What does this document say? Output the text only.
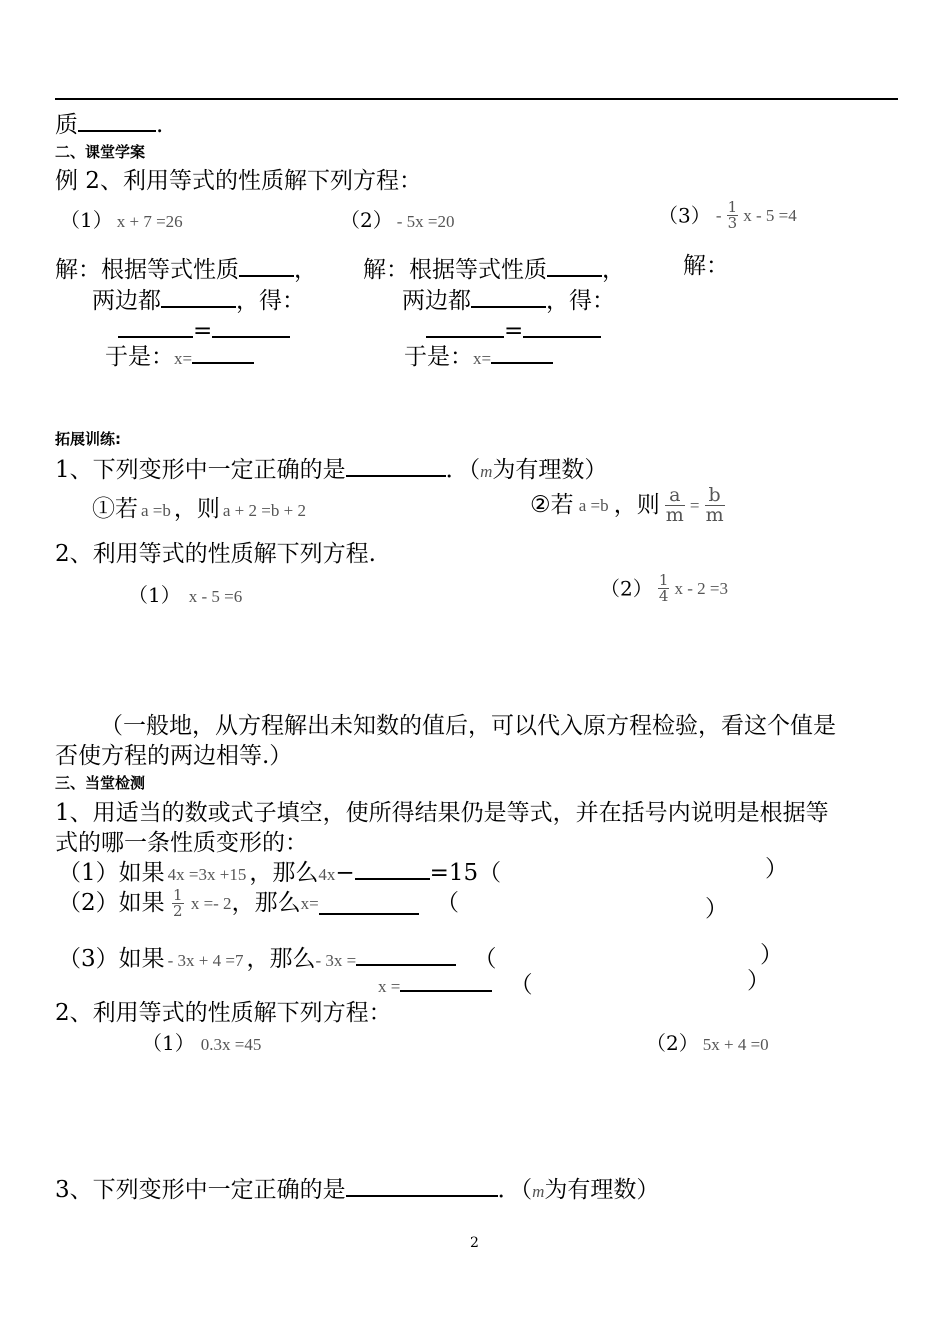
质	.
二、课堂学案
例 2、利用等式的性质解下列方程：
（1） x + 7 =26	（2） - 5x =20	$(3) - \frac{1}{3}$ x - 5 =4
解：根据等式性质 ，
两边都	，得：
=
于是：x=
解：根据等式性质 ，
两边都	，得：
=
于是：x=
解：
拓展训练:
1、下列变形中一定正确的是	．（m为有理数）
①若 a =b ，则 a + 2 =b + 2	②若 a =b ，则 $\frac{a}{m} = \frac{b}{m}$
2、利用等式的性质解下列方程.
（1） x - 5 =6	$(2) \frac{1}{4}$ x - 2 =3
（一般地，从方程解出未知数的值后，可以代入原方程检验，看这个值是
否使方程的两边相等.）
三、当堂检测
1、用适当的数或式子填空，使所得结果仍是等式，并在括号内说明是根据等
式的哪一条性质变形的：
（1）如果 4x =3x +15 ，那么4x−	=15（	）
（2）如果 $\frac{1}{2}$ x =- 2，那么x=	（	）
（3）如果 - 3x + 4 =7 ，那么- 3x =	（	）
x =	（	）
2、利用等式的性质解下列方程：
（1） 0.3x =45	（2） 5x + 4 =0
3、下列变形中一定正确的是	．（m为有理数）
2
